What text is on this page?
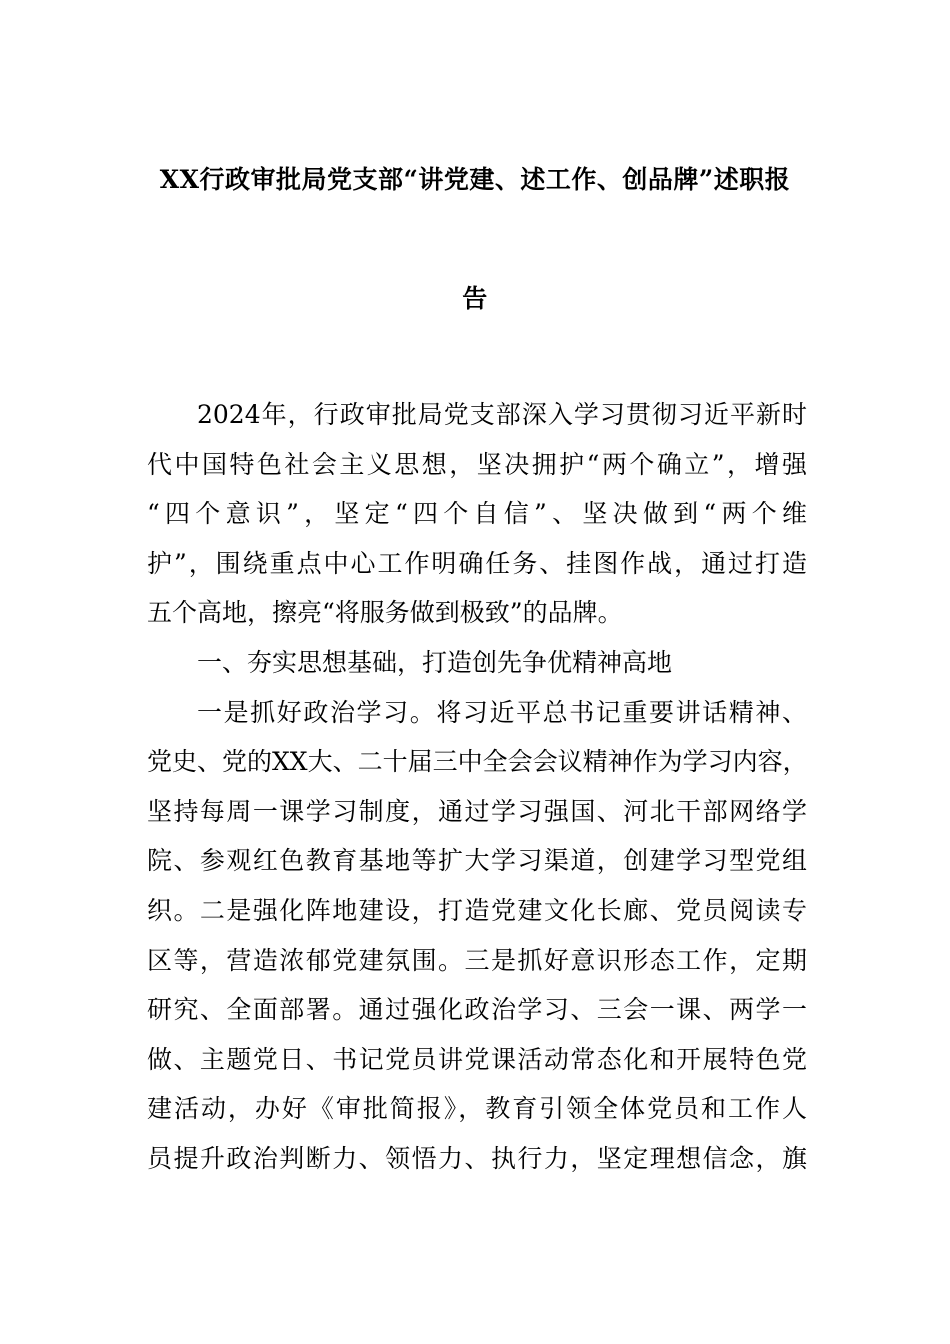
XX行政审批局党支部“讲党建、述工作、创品牌”述职报
告
2024年，行政审批局党支部深入学习贯彻习近平新时
代中国特色社会主义思想，坚决拥护“两个确立”，增强
“四个意识”，坚定“四个自信”、坚决做到“两个维
护”，围绕重点中心工作明确任务、挂图作战，通过打造
五个高地，擦亮“将服务做到极致”的品牌。
一、夯实思想基础，打造创先争优精神高地
一是抓好政治学习。将习近平总书记重要讲话精神、
党史、党的XX大、二十届三中全会会议精神作为学习内容，
坚持每周一课学习制度，通过学习强国、河北干部网络学
院、参观红色教育基地等扩大学习渠道，创建学习型党组
织。二是强化阵地建设，打造党建文化长廊、党员阅读专
区等，营造浓郁党建氛围。三是抓好意识形态工作，定期
研究、全面部署。通过强化政治学习、三会一课、两学一
做、主题党日、书记党员讲党课活动常态化和开展特色党
建活动，办好《审批简报》，教育引领全体党员和工作人
员提升政治判断力、领悟力、执行力，坚定理想信念，旗
